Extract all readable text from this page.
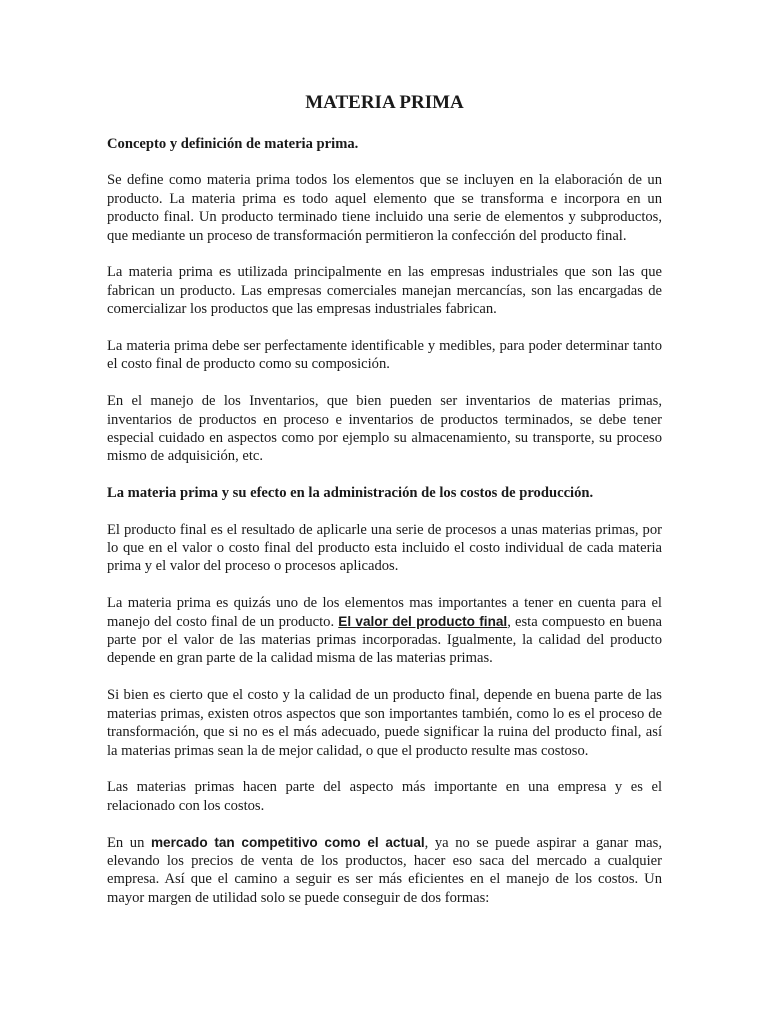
MATERIA PRIMA
Concepto y definición de materia prima.

Se define como materia prima todos los elementos que se incluyen en la elaboración de un producto. La materia prima es todo aquel elemento que se transforma e incorpora en un producto final. Un producto terminado tiene incluido una serie de elementos y subproductos, que mediante un proceso de transformación permitieron la confección del producto final.

La materia prima es utilizada principalmente en las empresas industriales que son las que fabrican un producto. Las empresas comerciales manejan mercancías, son las encargadas de comercializar los productos que las empresas industriales fabrican.

La materia prima debe ser perfectamente identificable y medibles, para poder determinar tanto el costo final de producto como su composición.

En el manejo de los Inventarios, que bien pueden ser inventarios de materias primas, inventarios de productos en proceso e inventarios de productos terminados, se debe tener especial cuidado en aspectos como por ejemplo su almacenamiento, su transporte, su proceso mismo de adquisición, etc.

La materia prima y su efecto en la administración de los costos de producción.

El producto final es el resultado de aplicarle una serie de procesos a unas materias primas, por lo que en el valor o costo final del producto esta incluido el costo individual de cada materia prima y el valor del proceso o procesos aplicados.

La materia prima es quizás uno de los elementos mas importantes a tener en cuenta para el manejo del costo final de un producto. El valor del producto final, esta compuesto en buena parte por el valor de las materias primas incorporadas. Igualmente, la calidad del producto depende en gran parte de la calidad misma de las materias primas.

Si bien es cierto que el costo y la calidad de un producto final, depende en buena parte de las materias primas, existen otros aspectos que son importantes también, como lo es el proceso de transformación, que si no es el más adecuado, puede significar la ruina del producto final, así la materias primas sean la de mejor calidad, o que el producto resulte mas costoso.

Las materias primas hacen parte del aspecto más importante en una empresa y es el relacionado con los costos.

En un mercado tan competitivo como el actual, ya no se puede aspirar a ganar mas, elevando los precios de venta de los productos, hacer eso saca del mercado a cualquier empresa. Así que el camino a seguir es ser más eficientes en el manejo de los costos. Un mayor margen de utilidad solo se puede conseguir de dos formas:
